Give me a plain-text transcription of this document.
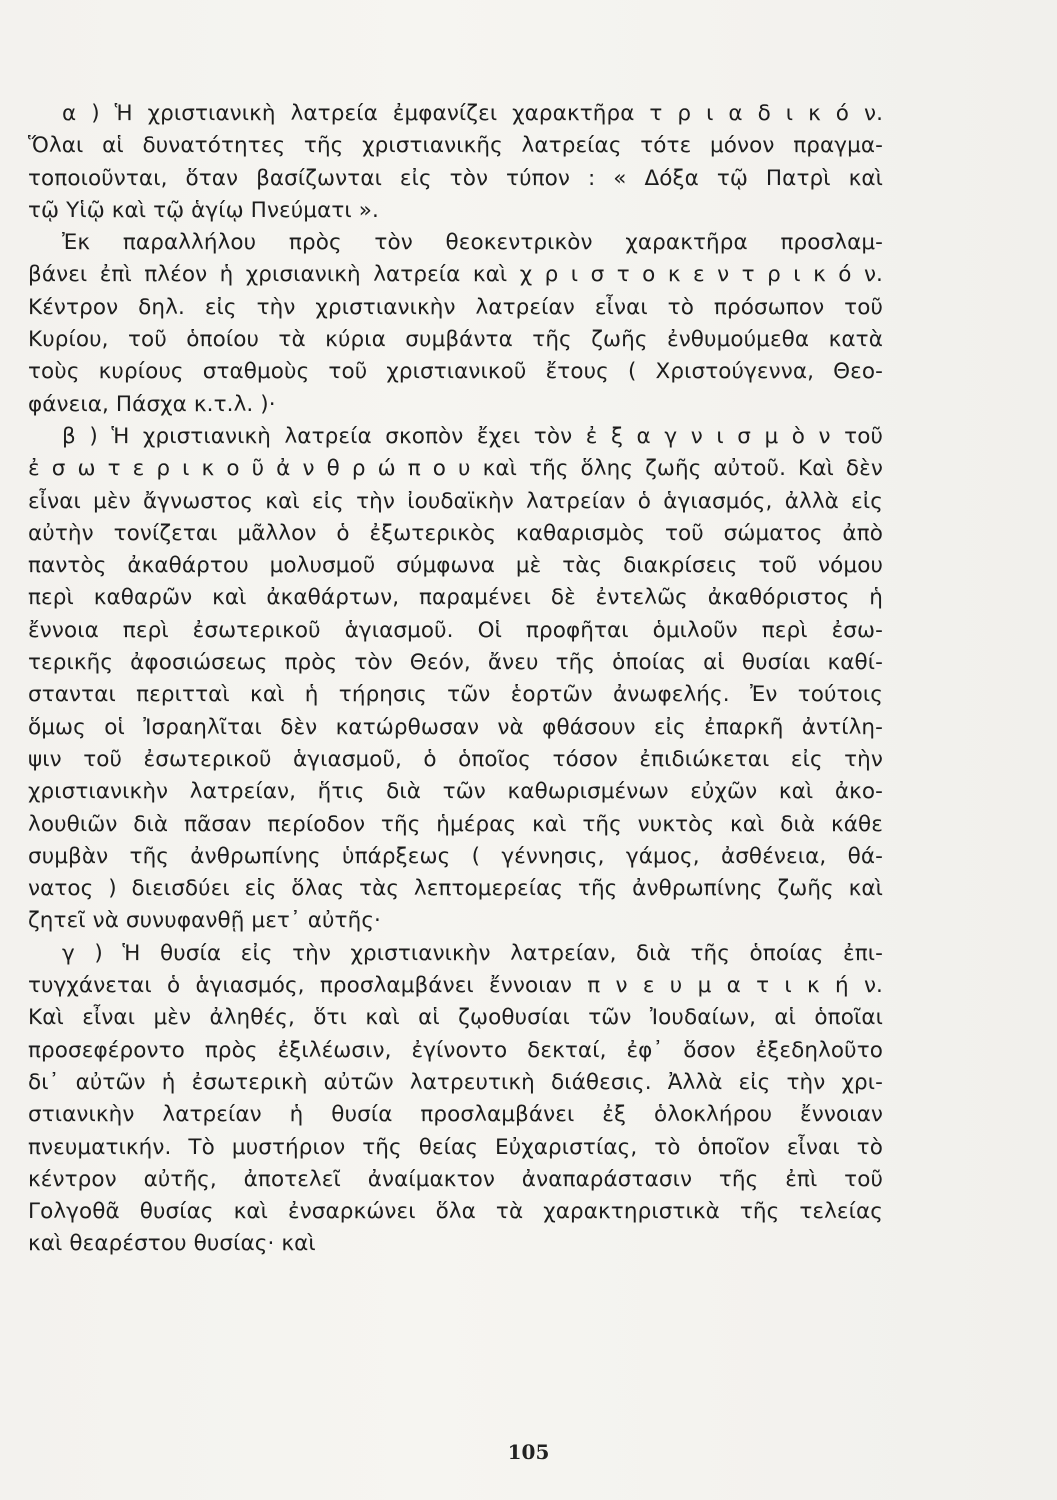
α ) Ἡ χριστιανικὴ λατρεία ἐμφανίζει χαρακτῆρα τ ρ ι α δ ι κ ό ν.
Ὅλαι αἱ δυνατότητες τῆς χριστιανικῆς λατρείας τότε μόνον πραγμα-
τοποιοῦνται, ὅταν βασίζωνται εἰς τὸν τύπον : « Δόξα τῷ Πατρὶ καὶ
τῷ Υἱῷ καὶ τῷ ἁγίῳ Πνεύματι ».
Ἐκ παραλλήλου πρὸς τὸν θεοκεντρικὸν χαρακτῆρα προσλαμ-
βάνει ἐπὶ πλέον ἡ χρισιανικὴ λατρεία καὶ χ ρ ι σ τ ο κ ε ν τ ρ ι κ ό ν.
Κέντρον δηλ. εἰς τὴν χριστιανικὴν λατρείαν εἶναι τὸ πρόσωπον τοῦ
Κυρίου, τοῦ ὁποίου τὰ κύρια συμβάντα τῆς ζωῆς ἐνθυμούμεθα κατὰ
τοὺς κυρίους σταθμοὺς τοῦ χριστιανικοῦ ἔτους ( Χριστούγεννα, Θεο-
φάνεια, Πάσχα κ.τ.λ. )·
β ) Ἡ χριστιανικὴ λατρεία σκοπὸν ἔχει τὸν ἐ ξ α γ ν ι σ μ ὸ ν τοῦ
ἐ σ ω τ ε ρ ι κ ο ῦ ἀ ν θ ρ ώ π ο υ καὶ τῆς ὅλης ζωῆς αὐτοῦ. Καὶ δὲν
εἶναι μὲν ἄγνωστος καὶ εἰς τὴν ἰουδαϊκὴν λατρείαν ὁ ἁγιασμός, ἀλλὰ εἰς
αὐτὴν τονίζεται μᾶλλον ὁ ἐξωτερικὸς καθαρισμὸς τοῦ σώματος ἀπὸ
παντὸς ἀκαθάρτου μολυσμοῦ σύμφωνα μὲ τὰς διακρίσεις τοῦ νόμου
περὶ καθαρῶν καὶ ἀκαθάρτων, παραμένει δὲ ἐντελῶς ἀκαθόριστος ἡ
ἔννοια περὶ ἐσωτερικοῦ ἁγιασμοῦ. Οἱ προφῆται ὁμιλοῦν περὶ ἐσω-
τερικῆς ἀφοσιώσεως πρὸς τὸν Θεόν, ἄνευ τῆς ὁποίας αἱ θυσίαι καθί-
στανται περιτταὶ καὶ ἡ τήρησις τῶν ἑορτῶν ἀνωφελής. Ἐν τούτοις
ὅμως οἱ Ἰσραηλῖται δὲν κατώρθωσαν νὰ φθάσουν εἰς ἐπαρκῆ ἀντίλη-
ψιν τοῦ ἐσωτερικοῦ ἁγιασμοῦ, ὁ ὁποῖος τόσον ἐπιδιώκεται εἰς τὴν
χριστιανικὴν λατρείαν, ἥτις διὰ τῶν καθωρισμένων εὐχῶν καὶ ἀκο-
λουθιῶν διὰ πᾶσαν περίοδον τῆς ἡμέρας καὶ τῆς νυκτὸς καὶ διὰ κάθε
συμβὰν τῆς ἀνθρωπίνης ὑπάρξεως ( γέννησις, γάμος, ἀσθένεια, θά-
νατος ) διεισδύει εἰς ὅλας τὰς λεπτομερείας τῆς ἀνθρωπίνης ζωῆς καὶ
ζητεῖ νὰ συνυφανθῇ μετ᾽ αὐτῆς·
γ ) Ἡ θυσία εἰς τὴν χριστιανικὴν λατρείαν, διὰ τῆς ὁποίας ἐπι-
τυγχάνεται ὁ ἁγιασμός, προσλαμβάνει ἔννοιαν π ν ε υ μ α τ ι κ ή ν.
Καὶ εἶναι μὲν ἀληθές, ὅτι καὶ αἱ ζῳοθυσίαι τῶν Ἰουδαίων, αἱ ὁποῖαι
προσεφέροντο πρὸς ἐξιλέωσιν, ἐγίνοντο δεκταί, ἐφ᾽ ὅσον ἐξεδηλοῦτο
δι᾽ αὐτῶν ἡ ἐσωτερικὴ αὐτῶν λατρευτικὴ διάθεσις. Ἀλλὰ εἰς τὴν χρι-
στιανικὴν λατρείαν ἡ θυσία προσλαμβάνει ἐξ ὁλοκλήρου ἔννοιαν
πνευματικήν. Τὸ μυστήριον τῆς θείας Εὐχαριστίας, τὸ ὁποῖον εἶναι τὸ
κέντρον αὐτῆς, ἀποτελεῖ ἀναίμακτον ἀναπαράστασιν τῆς ἐπὶ τοῦ
Γολγοθᾶ θυσίας καὶ ἐνσαρκώνει ὅλα τὰ χαρακτηριστικὰ τῆς τελείας
καὶ θεαρέστου θυσίας· καὶ
105
